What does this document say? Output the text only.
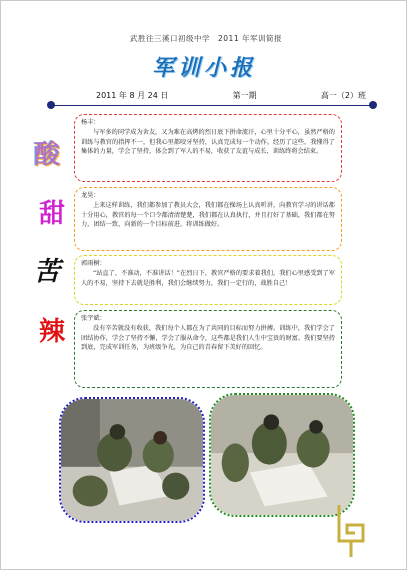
武胜往三溪口初级中学　2011 年军训简报
军训小报
2011 年 8 月 24 日	第一期	高一（2）班
酸
甜
苦
辣
杨丰：
与军多的同学成为舍友，又为难在高烤的烈日底下拼命流汗，心里十分平心，虽然严格的训练与教官的指挥不一，但我心里都咬牙坚持，认真完成每一个动作。经历了这些，我懂得了集体的力量，学会了坚持，体会到了军人的不易，收获了友谊与成长，训练终将会结束。
龙昊：
上来这样训练，我们都参加了教员大会，我们都在操场上认真听讲，向教官学习的讲话都十分用心，教官的每一个口令都清清楚楚，我们都在认真执行，并且打好了基础，我们都在努力，团结一致，向新的一个目标前进，将训练做好。
郭雨桐：
“站直了，不准动，不准讲话！”在烈日下，教官严格的要求着我们，我们心里感受到了军人的不易，坚持下去就是胜利，我们会继续努力，我们一定行的，战胜自己！
张宇斌：
没有辛苦就没有收获，我们每个人都在为了共同的目标而努力拼搏。训练中，我们学会了团结协作，学会了坚持不懈，学会了服从命令，这些都是我们人生中宝贵的财富。我们要坚持到底，完成军训任务，为班级争光，为自己的青春留下美好的回忆。
